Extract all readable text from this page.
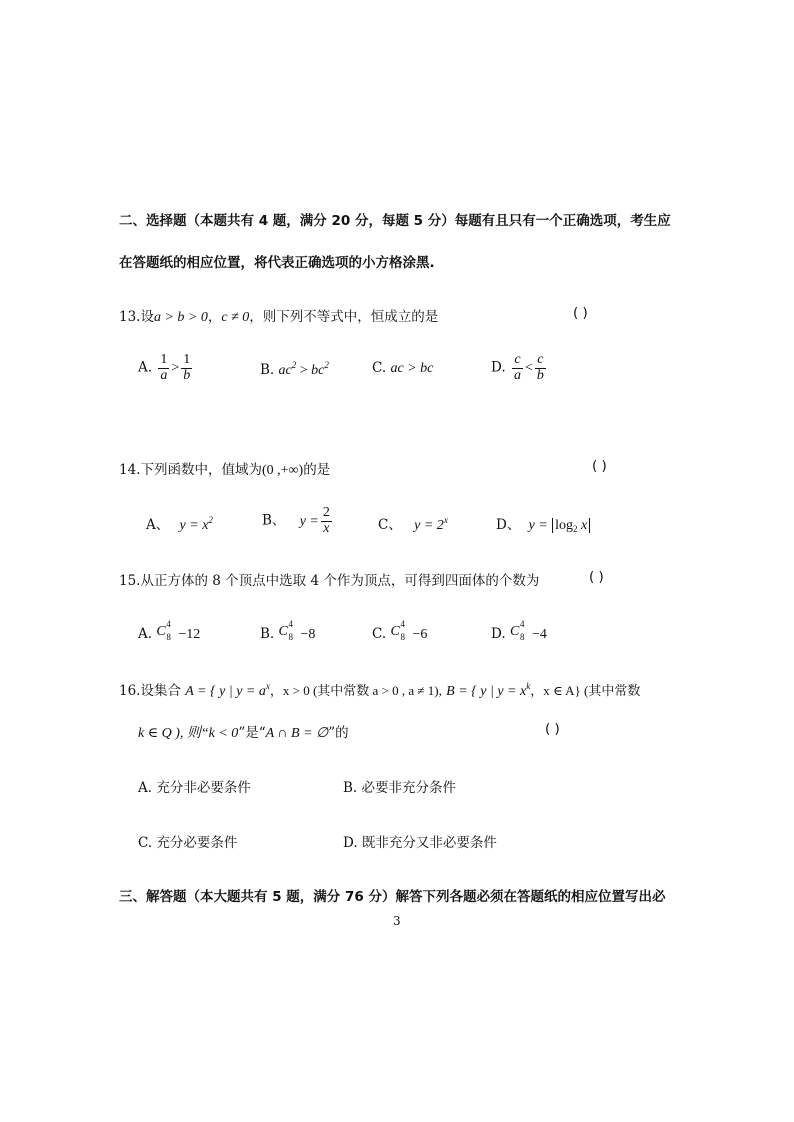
二、选择题（本题共有 4 题，满分 20 分，每题 5 分）每题有且只有一个正确选项，考生应
在答题纸的相应位置，将代表正确选项的小方格涂黑.
13.设a > b > 0，c ≠ 0，则下列不等式中，恒成立的是	( )
A. $\frac{1}{a} > \frac{1}{b}$	B. $ac^2 > bc^2$	C. ac > bc	D. $\frac{c}{a} < \frac{c}{b}$
14.下列函数中，值域为(0 ,+∞)的是	( )
A、 $y = x^2$	B、 $y = \frac{2}{x}$	C、 $y = 2^x$	D、 $y = \log_2 x$
15.从正方体的 8 个顶点中选取 4 个作为顶点，可得到四面体的个数为	( )
A. C 4
8 −12	B. C 4
8 −8	C. C 4
8 −6	D. C 4
8 −4
16.设集合 A = { y | $y = a^x$，x > 0 (其中常数 a > 0 , a ≠ 1), B = { y | $y = x^k$，x ∈ A} (其中常数
k ∈ Q ), 则“k < 0”是“A ∩ B = ∅”的	( )
A. 充分非必要条件	B. 必要非充分条件
C. 充分必要条件	D. 既非充分又非必要条件
三、解答题（本大题共有 5 题，满分 76 分）解答下列各题必须在答题纸的相应位置写出必
3
